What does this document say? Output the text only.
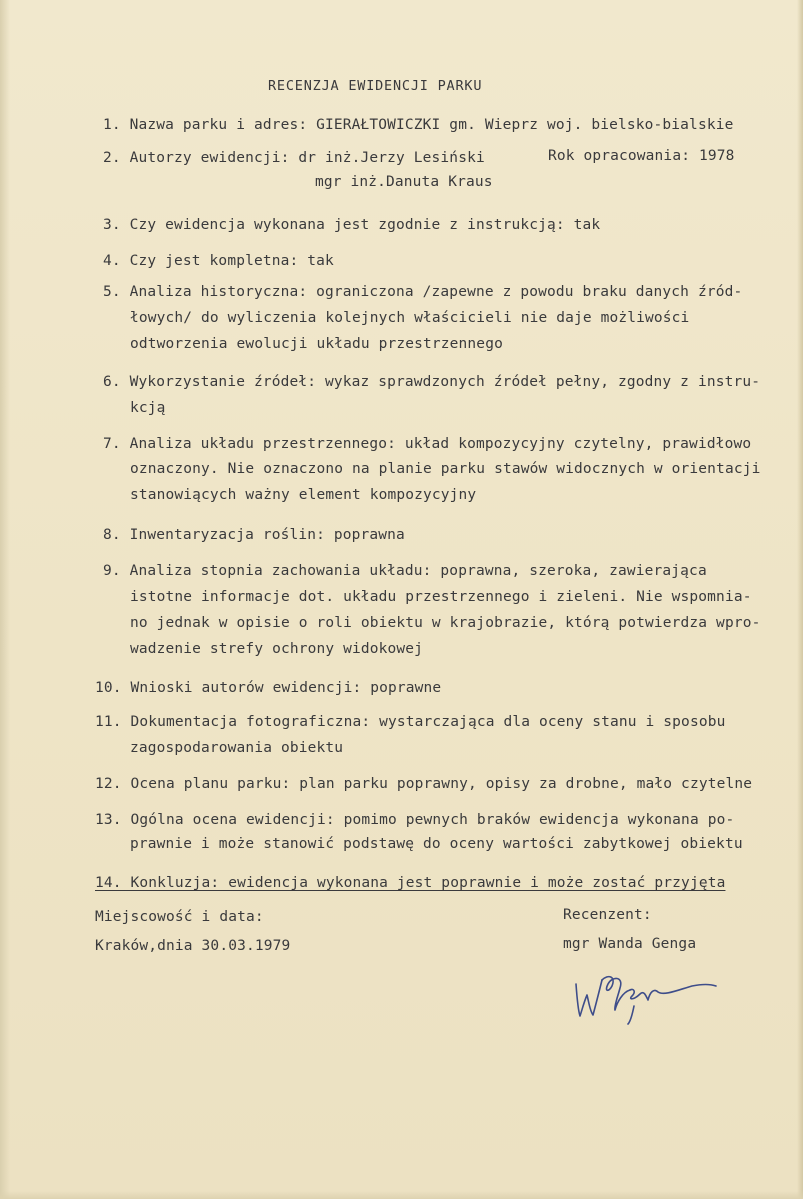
RECENZJA EWIDENCJI PARKU
1. Nazwa parku i adres: GIERAŁTOWICZKI gm. Wieprz woj. bielsko-bialskie
2. Autorzy ewidencji: dr inż.Jerzy Lesiński	Rok opracowania: 1978
mgr inż.Danuta Kraus
3. Czy ewidencja wykonana jest zgodnie z instrukcją: tak
4. Czy jest kompletna: tak
5. Analiza historyczna: ograniczona /zapewne z powodu braku danych źród-
łowych/ do wyliczenia kolejnych właścicieli nie daje możliwości
odtworzenia ewolucji układu przestrzennego
6. Wykorzystanie źródeł: wykaz sprawdzonych źródeł pełny, zgodny z instru-
kcją
7. Analiza układu przestrzennego: układ kompozycyjny czytelny, prawidłowo
oznaczony. Nie oznaczono na planie parku stawów widocznych w orientacji
stanowiących ważny element kompozycyjny
8. Inwentaryzacja roślin: poprawna
9. Analiza stopnia zachowania układu: poprawna, szeroka, zawierająca
istotne informacje dot. układu przestrzennego i zieleni. Nie wspomnia-
no jednak w opisie o roli obiektu w krajobrazie, którą potwierdza wpro-
wadzenie strefy ochrony widokowej
10. Wnioski autorów ewidencji: poprawne
11. Dokumentacja fotograficzna: wystarczająca dla oceny stanu i sposobu
zagospodarowania obiektu
12. Ocena planu parku: plan parku poprawny, opisy za drobne, mało czytelne
13. Ogólna ocena ewidencji: pomimo pewnych braków ewidencja wykonana po-
prawnie i może stanowić podstawę do oceny wartości zabytkowej obiektu
14. Konkluzja: ewidencja wykonana jest poprawnie i może zostać przyjęta
Miejscowość i data:
Kraków,dnia 30.03.1979
Recenzent:
mgr Wanda Genga
